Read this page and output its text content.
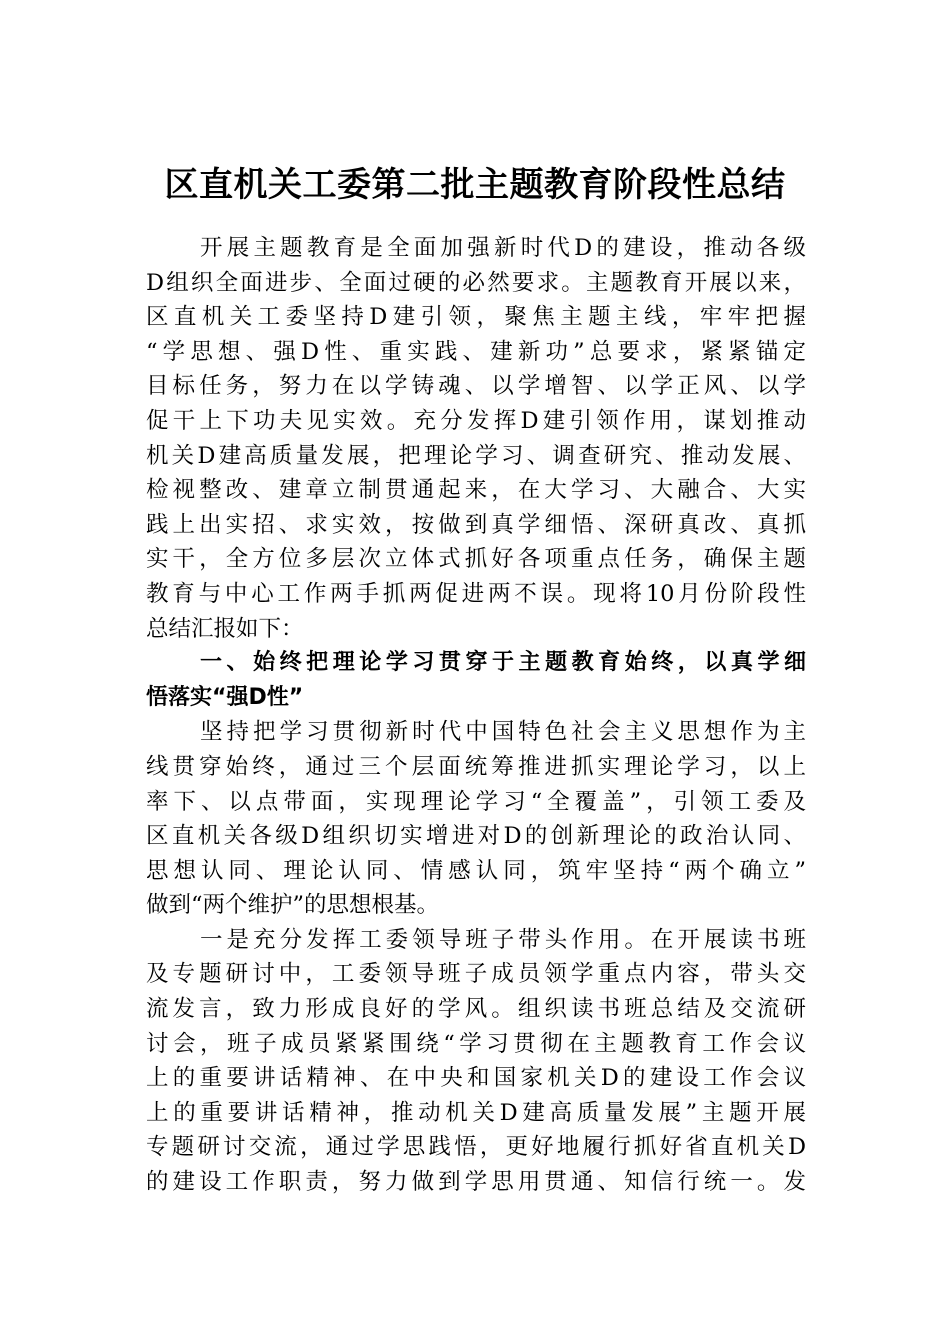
区直机关工委第二批主题教育阶段性总结
开展主题教育是全面加强新时代D的建设，推动各级
D组织全面进步、全面过硬的必然要求。主题教育开展以来，
区直机关工委坚持D建引领，聚焦主题主线，牢牢把握
“学思想、强D性、重实践、建新功”总要求，紧紧锚定
目标任务，努力在以学铸魂、以学增智、以学正风、以学
促干上下功夫见实效。充分发挥D建引领作用，谋划推动
机关D建高质量发展，把理论学习、调查研究、推动发展、
检视整改、建章立制贯通起来，在大学习、大融合、大实
践上出实招、求实效，按做到真学细悟、深研真改、真抓
实干，全方位多层次立体式抓好各项重点任务，确保主题
教育与中心工作两手抓两促进两不误。现将10月份阶段性
总结汇报如下：
一、始终把理论学习贯穿于主题教育始终，以真学细
悟落实“强D性”
坚持把学习贯彻新时代中国特色社会主义思想作为主
线贯穿始终，通过三个层面统筹推进抓实理论学习，以上
率下、以点带面，实现理论学习“全覆盖”，引领工委及
区直机关各级D组织切实增进对D的创新理论的政治认同、
思想认同、理论认同、情感认同，筑牢坚持“两个确立”
做到“两个维护”的思想根基。
一是充分发挥工委领导班子带头作用。在开展读书班
及专题研讨中，工委领导班子成员领学重点内容，带头交
流发言，致力形成良好的学风。组织读书班总结及交流研
讨会，班子成员紧紧围绕“学习贯彻在主题教育工作会议
上的重要讲话精神、在中央和国家机关D的建设工作会议
上的重要讲话精神，推动机关D建高质量发展”主题开展
专题研讨交流，通过学思践悟，更好地履行抓好省直机关D
的建设工作职责，努力做到学思用贯通、知信行统一。发
